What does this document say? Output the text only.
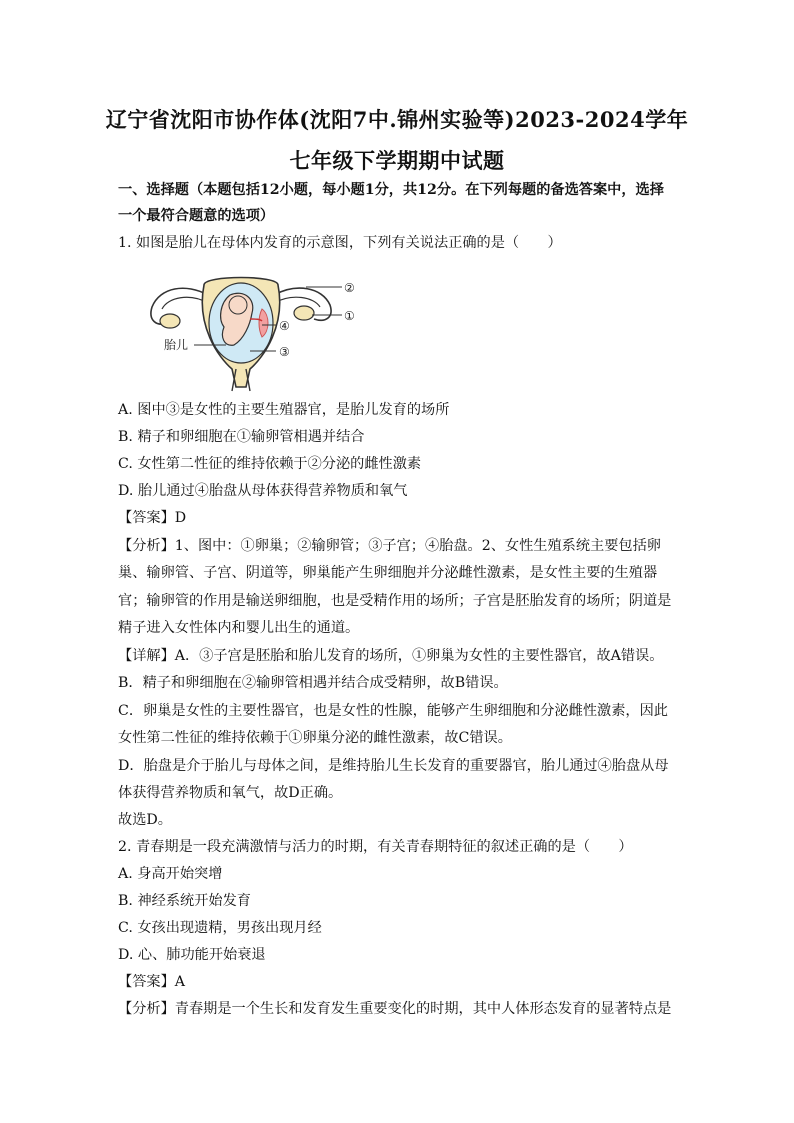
辽宁省沈阳市协作体(沈阳7中.锦州实验等)2023-2024学年
七年级下学期期中试题
一、选择题（本题包括12小题，每小题1分，共12分。在下列每题的备选答案中，选择
一个最符合题意的选项）
1. 如图是胎儿在母体内发育的示意图，下列有关说法正确的是（　　）
②
①
④
③
胎儿
A. 图中③是女性的主要生殖器官，是胎儿发育的场所
B. 精子和卵细胞在①输卵管相遇并结合
C. 女性第二性征的维持依赖于②分泌的雌性激素
D. 胎儿通过④胎盘从母体获得营养物质和氧气
【答案】D
【分析】1、图中：①卵巢；②输卵管；③子宫；④胎盘。2、女性生殖系统主要包括卵
巢、输卵管、子宫、阴道等，卵巢能产生卵细胞并分泌雌性激素，是女性主要的生殖器
官；输卵管的作用是输送卵细胞，也是受精作用的场所；子宫是胚胎发育的场所；阴道是
精子进入女性体内和婴儿出生的通道。
【详解】A．③子宫是胚胎和胎儿发育的场所，①卵巢为女性的主要性器官，故A错误。
B．精子和卵细胞在②输卵管相遇并结合成受精卵，故B错误。
C．卵巢是女性的主要性器官，也是女性的性腺，能够产生卵细胞和分泌雌性激素，因此
女性第二性征的维持依赖于①卵巢分泌的雌性激素，故C错误。
D．胎盘是介于胎儿与母体之间，是维持胎儿生长发育的重要器官，胎儿通过④胎盘从母
体获得营养物质和氧气，故D正确。
故选D。
2. 青春期是一段充满激情与活力的时期，有关青春期特征的叙述正确的是（　　）
A. 身高开始突增
B. 神经系统开始发育
C. 女孩出现遗精，男孩出现月经
D. 心、肺功能开始衰退
【答案】A
【分析】青春期是一个生长和发育发生重要变化的时期，其中人体形态发育的显著特点是
